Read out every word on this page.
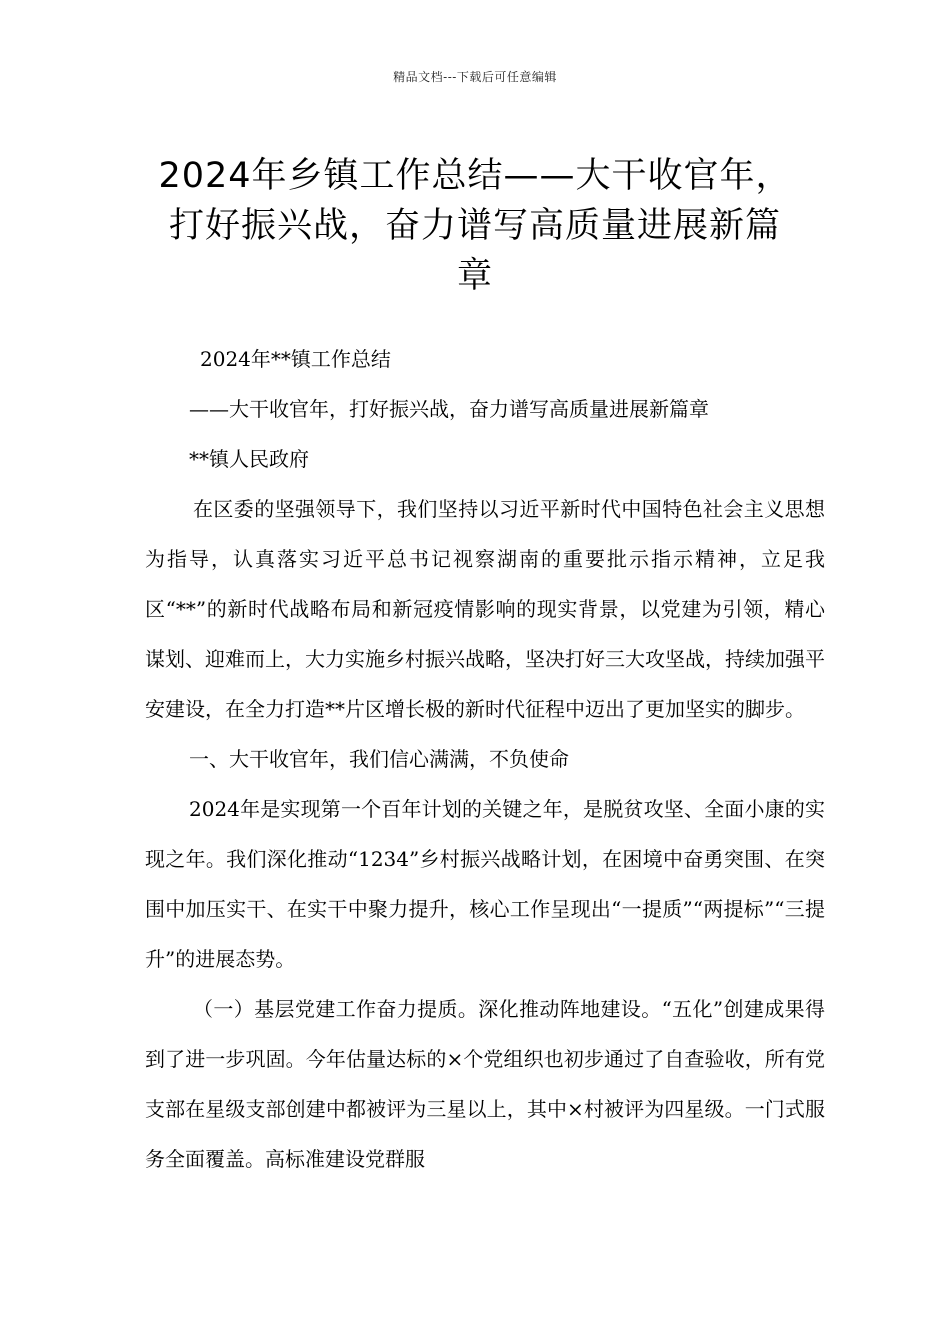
精品文档---下载后可任意编辑
2024年乡镇工作总结——大干收官年，
打好振兴战，奋力谱写高质量进展新篇
章

2024年**镇工作总结

——大干收官年，打好振兴战，奋力谱写高质量进展新篇章

**镇人民政府

在区委的坚强领导下，我们坚持以习近平新时代中国特色社会主义思想为指导，认真落实习近平总书记视察湖南的重要批示指示精神，立足我区“**”的新时代战略布局和新冠疫情影响的现实背景，以党建为引领，精心谋划、迎难而上，大力实施乡村振兴战略，坚决打好三大攻坚战，持续加强平安建设，在全力打造**片区增长极的新时代征程中迈出了更加坚实的脚步。

一、大干收官年，我们信心满满，不负使命

2024年是实现第一个百年计划的关键之年，是脱贫攻坚、全面小康的实现之年。我们深化推动“1234”乡村振兴战略计划，在困境中奋勇突围、在突围中加压实干、在实干中聚力提升，核心工作呈现出“一提质”“两提标”“三提升”的进展态势。

（一）基层党建工作奋力提质。深化推动阵地建设。“五化”创建成果得到了进一步巩固。今年估量达标的×个党组织也初步通过了自查验收，所有党支部在星级支部创建中都被评为三星以上，其中×村被评为四星级。一门式服务全面覆盖。高标准建设党群服
